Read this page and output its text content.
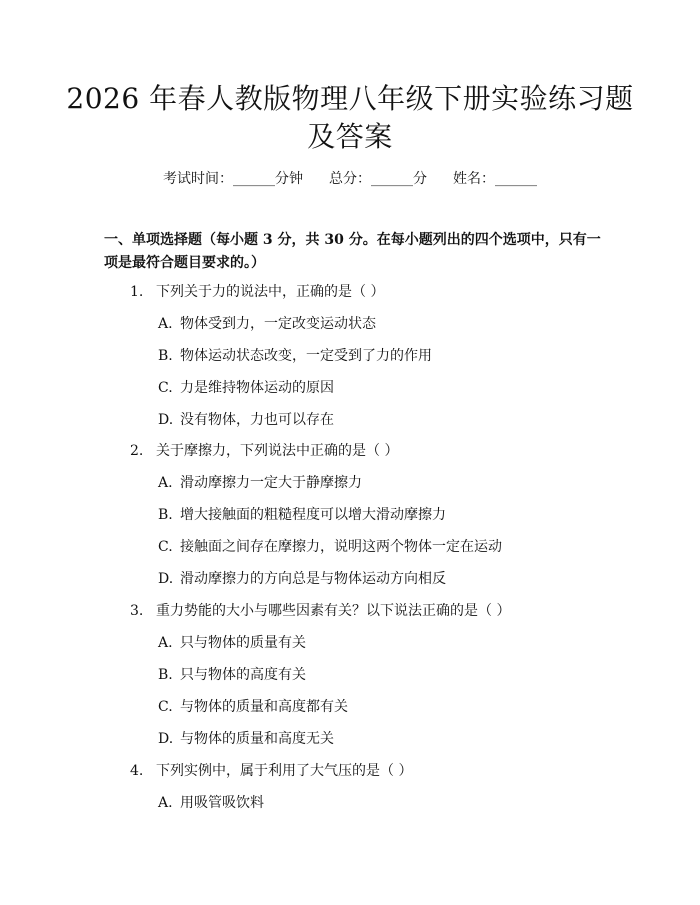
2026 年春人教版物理八年级下册实验练习题
及答案
考试时间：______分钟 总分：______分 姓名：______
一、单项选择题（每小题 3 分，共 30 分。在每小题列出的四个选项中，只有一项是最符合题目要求的。）
1. 下列关于力的说法中，正确的是（ ）
A. 物体受到力，一定改变运动状态
B. 物体运动状态改变，一定受到了力的作用
C. 力是维持物体运动的原因
D. 没有物体，力也可以存在
2. 关于摩擦力，下列说法中正确的是（ ）
A. 滑动摩擦力一定大于静摩擦力
B. 增大接触面的粗糙程度可以增大滑动摩擦力
C. 接触面之间存在摩擦力，说明这两个物体一定在运动
D. 滑动摩擦力的方向总是与物体运动方向相反
3. 重力势能的大小与哪些因素有关？以下说法正确的是（ ）
A. 只与物体的质量有关
B. 只与物体的高度有关
C. 与物体的质量和高度都有关
D. 与物体的质量和高度无关
4. 下列实例中，属于利用了大气压的是（ ）
A. 用吸管吸饮料
